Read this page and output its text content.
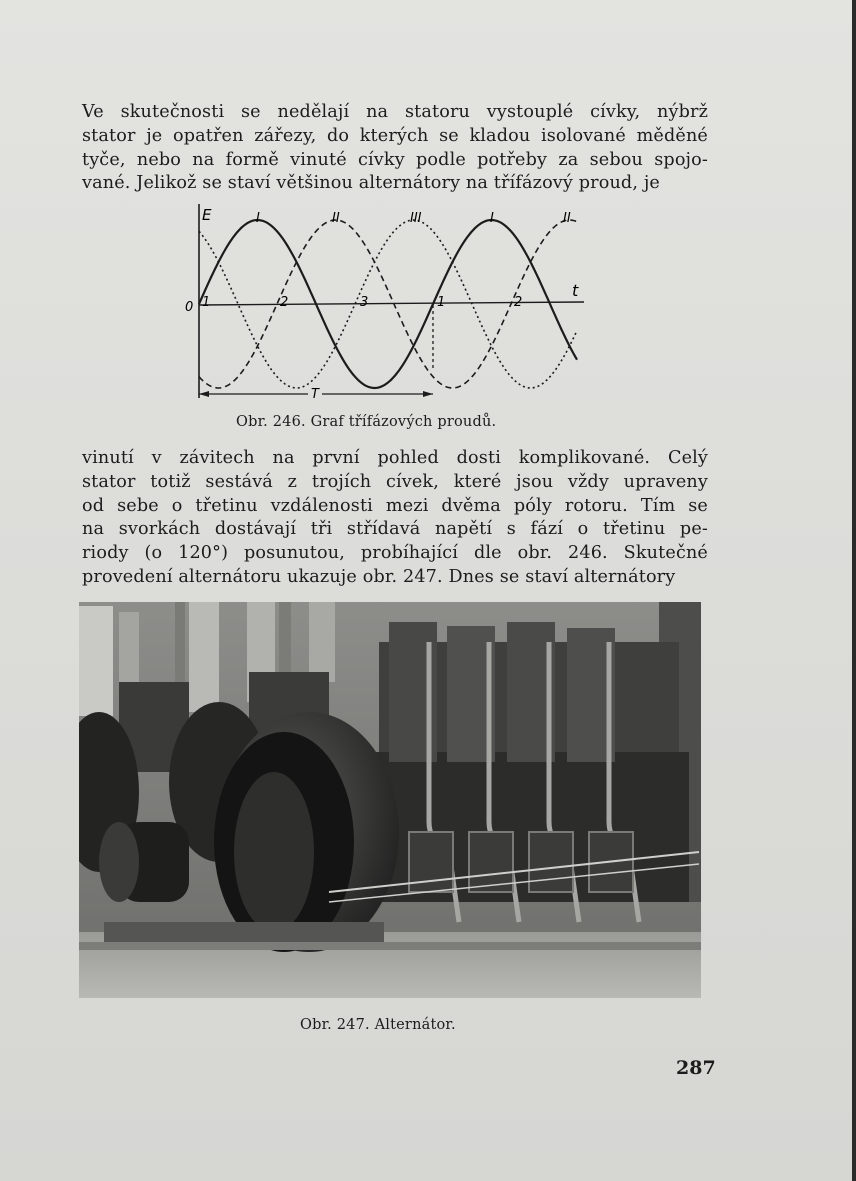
Ve skutečnosti se nedělají na statoru vystouplé cívky, nýbrž
stator je opatřen zářezy, do kterých se kladou isolované měděné
tyče, nebo na formě vinuté cívky podle potřeby za sebou spojo-
vané. Jelikož se staví většinou alternátory na třífázový proud, je

T
E
t
0
I	II	III	I	II
1	2	3	1	2
Obr. 246. Graf třífázových proudů.

vinutí v závitech na první pohled dosti komplikované. Celý
stator totiž sestává z trojích cívek, které jsou vždy upraveny
od sebe o třetinu vzdálenosti mezi dvěma póly rotoru. Tím se
na svorkách dostávají tři střídavá napětí s fází o třetinu pe-
riody (o 120°) posunutou, probíhající dle obr. 246. Skutečné
provedení alternátoru ukazuje obr. 247. Dnes se staví alternátory

Obr. 247. Alternátor.
287
